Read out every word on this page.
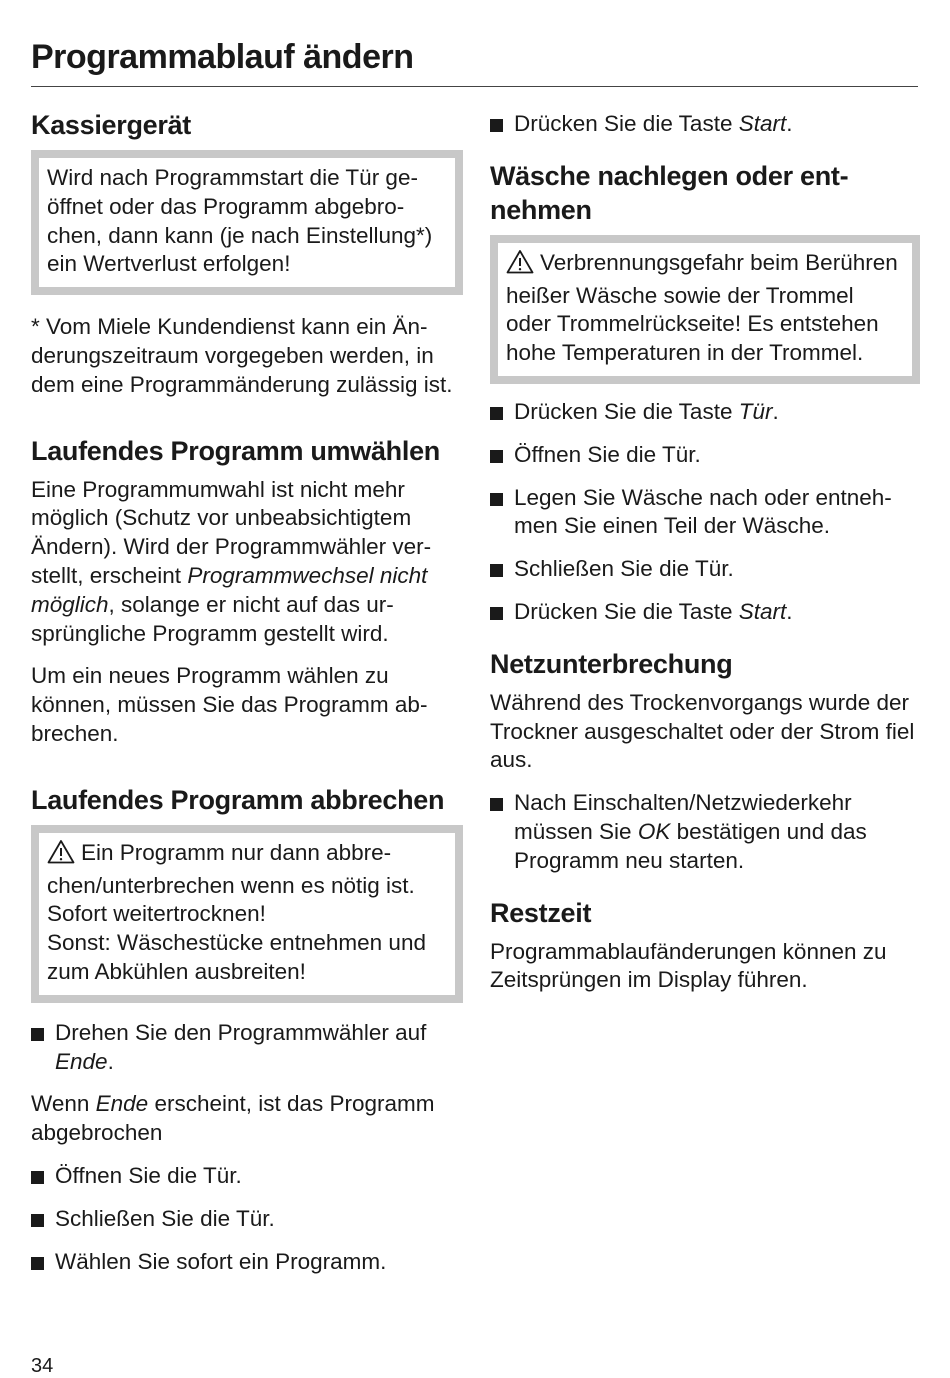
Programmablauf ändern
Kassiergerät

Wird nach Programmstart die Tür geöffnet oder das Programm abgebrochen, dann kann (je nach Einstellung*) ein Wertverlust erfolgen!

* Vom Miele Kundendienst kann ein Änderungszeitraum vorgegeben werden, in dem eine Programmänderung zulässig ist.

Laufendes Programm umwählen

Eine Programmumwahl ist nicht mehr möglich (Schutz vor unbeabsichtigtem Ändern). Wird der Programmwähler verstellt, erscheint Programmwechsel nicht möglich, solange er nicht auf das ursprüngliche Programm gestellt wird.

Um ein neues Programm wählen zu können, müssen Sie das Programm abbrechen.

Laufendes Programm abbrechen

Ein Programm nur dann abbrechen/unterbrechen wenn es nötig ist.
Sofort weitertrocknen!
Sonst: Wäschestücke entnehmen und zum Abkühlen ausbreiten!

Drehen Sie den Programmwähler auf Ende.

Wenn Ende erscheint, ist das Programm abgebrochen

Öffnen Sie die Tür.
Schließen Sie die Tür.
Wählen Sie sofort ein Programm.
Drücken Sie die Taste Start.
Wäsche nachlegen oder entnehmen

Verbrennungsgefahr beim Berühren heißer Wäsche sowie der Trommel oder Trommelrückseite! Es entstehen hohe Temperaturen in der Trommel.

Drücken Sie die Taste Tür.
Öffnen Sie die Tür.
Legen Sie Wäsche nach oder entnehmen Sie einen Teil der Wäsche.
Schließen Sie die Tür.
Drücken Sie die Taste Start.
Netzunterbrechung

Während des Trockenvorgangs wurde der Trockner ausgeschaltet oder der Strom fiel aus.

Nach Einschalten/Netzwiederkehr müssen Sie OK bestätigen und das Programm neu starten.
Restzeit

Programmablaufänderungen können zu Zeitsprüngen im Display führen.

34
